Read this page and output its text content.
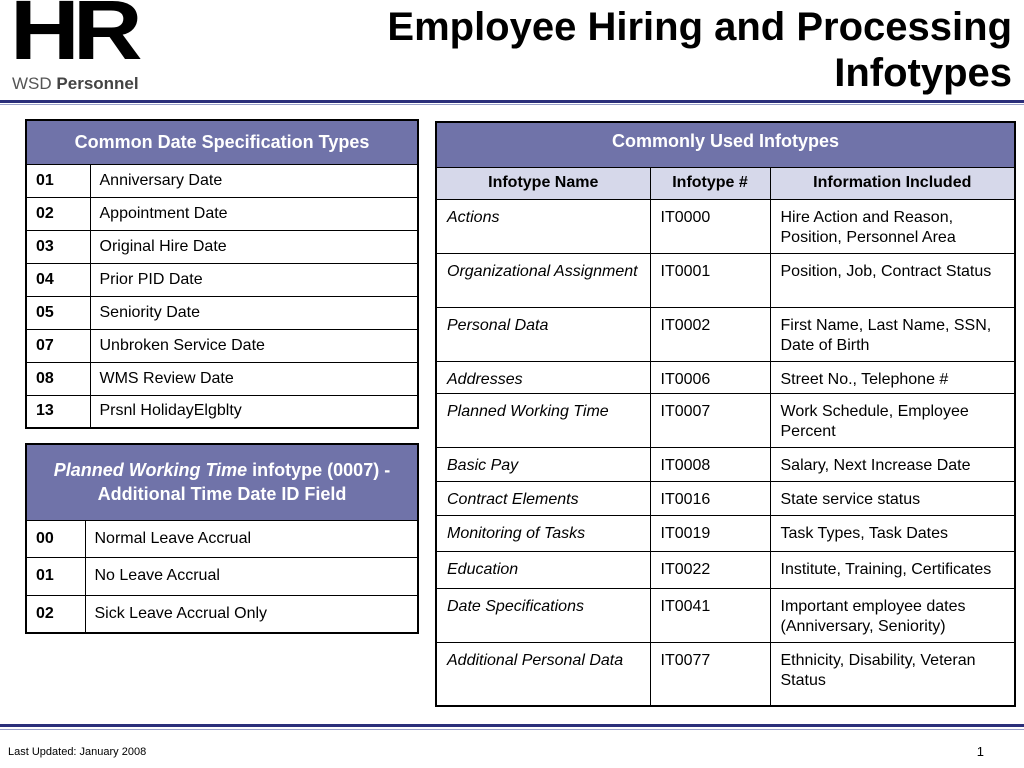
HR
WSD Personnel
Employee Hiring and Processing Infotypes
Common Date Specification Types	
01	Anniversary Date
02	Appointment Date
03	Original Hire Date
04	Prior PID Date
05	Seniority Date
07	Unbroken Service Date
08	WMS Review Date
13	Prsnl HolidayElgblty
Planned Working Time infotype (0007) - Additional Time Date ID Field	
00	Normal Leave Accrual
01	No Leave Accrual
02	Sick Leave Accrual Only
Commonly Used Infotypes		
Infotype Name	Infotype #	Information Included
Actions	IT0000	Hire Action and Reason, Position, Personnel Area
Organizational Assignment	IT0001	Position, Job, Contract Status
Personal Data	IT0002	First Name, Last Name, SSN, Date of Birth
Addresses	IT0006	Street No., Telephone #
Planned Working Time	IT0007	Work Schedule, Employee Percent
Basic Pay	IT0008	Salary, Next Increase Date
Contract Elements	IT0016	State service status
Monitoring of Tasks	IT0019	Task Types, Task Dates
Education	IT0022	Institute, Training, Certificates
Date Specifications	IT0041	Important employee dates (Anniversary, Seniority)
Additional Personal Data	IT0077	Ethnicity, Disability, Veteran Status
Last Updated: January 2008	1
